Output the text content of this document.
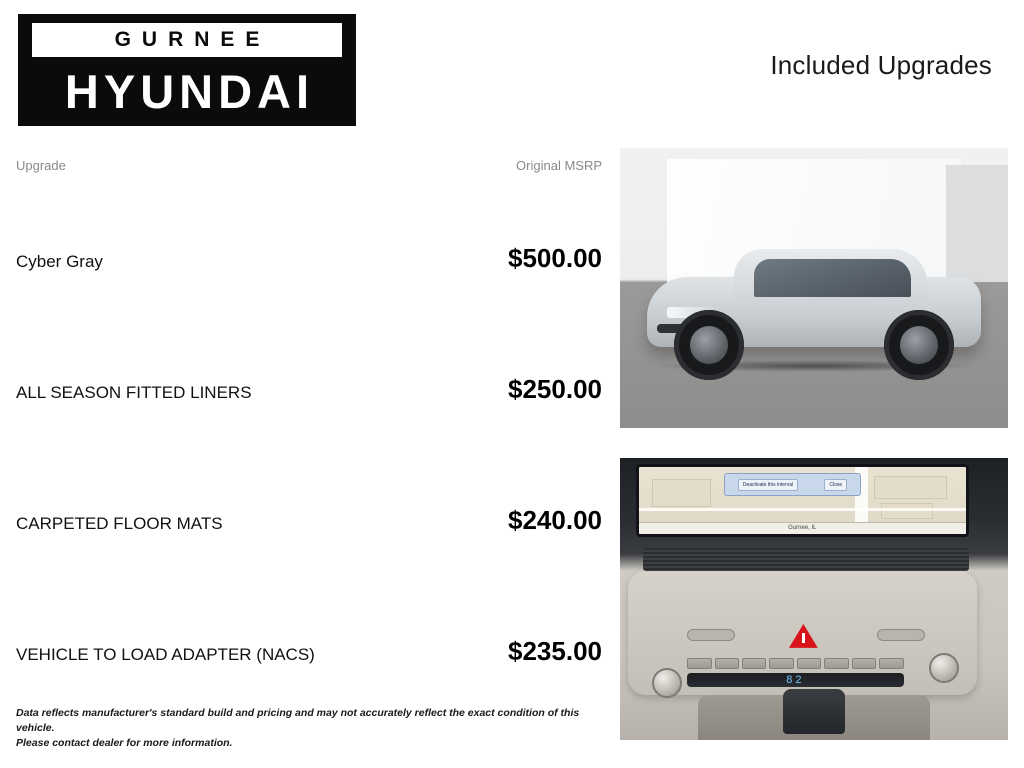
GURNEE
HYUNDAI	Included Upgrades
Upgrade	Original MSRP
Cyber Gray	$500.00
ALL SEASON FITTED LINERS	$250.00
CARPETED FLOOR MATS	$240.00
VEHICLE TO LOAD ADAPTER (NACS)	$235.00
Data reflects manufacturer's standard build and pricing and may not accurately reflect the exact condition of this vehicle.
Please contact dealer for more information.
Deactivate this interval	Close
Gurnee, IL
82
